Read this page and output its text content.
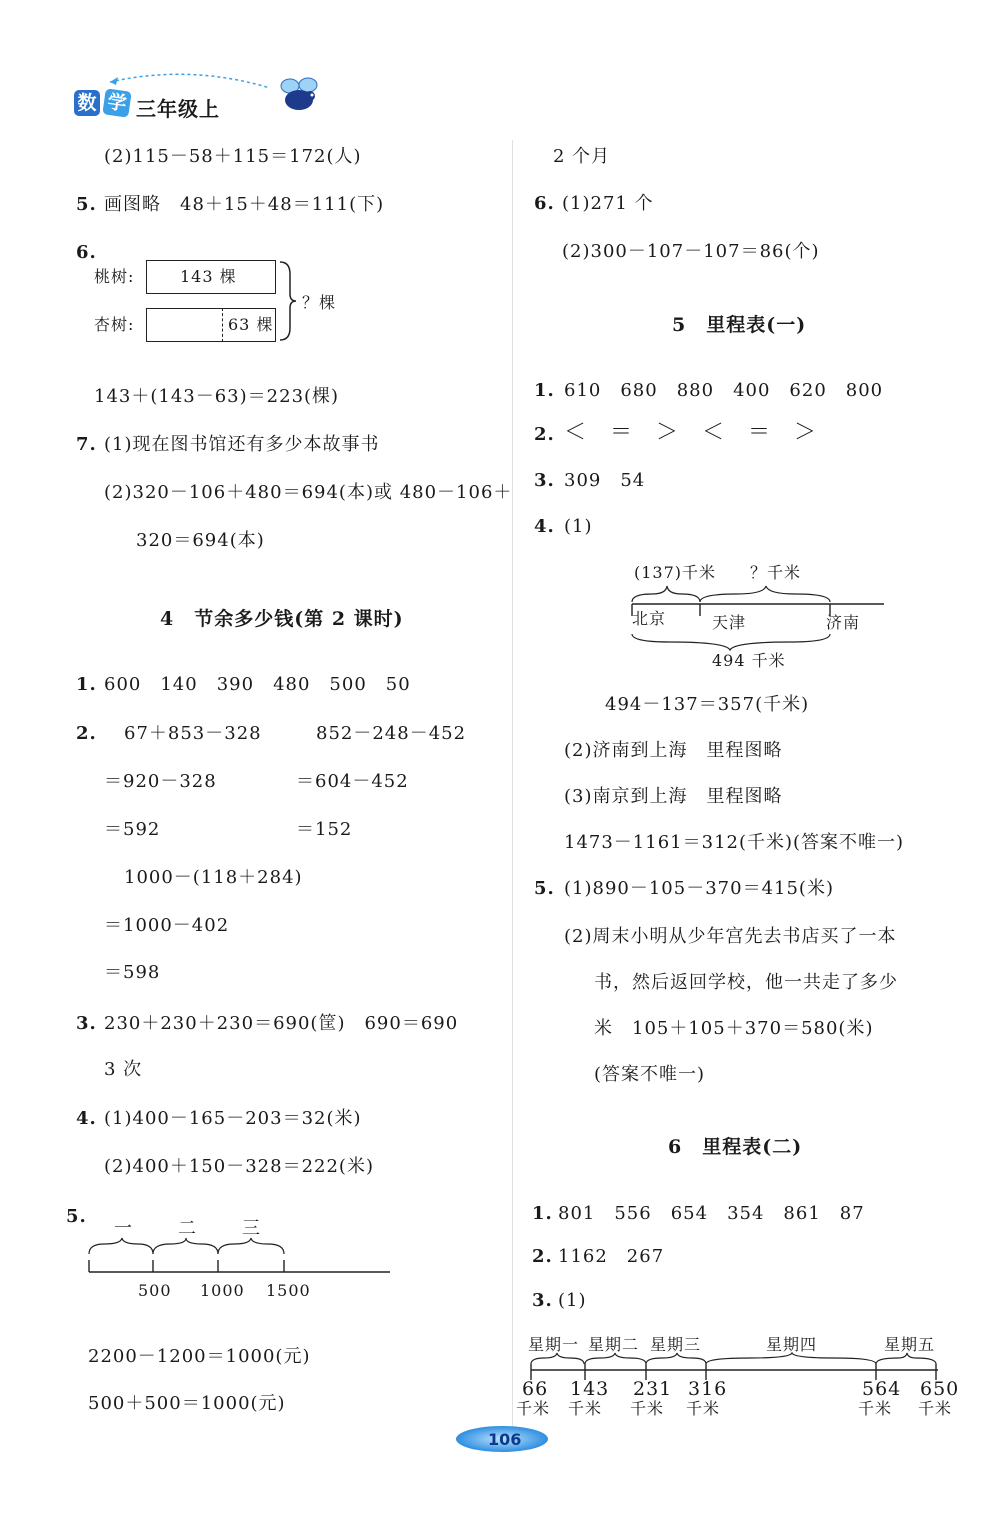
数 学 三年级上
(2)115－58＋115＝172(人)
5. 画图略　48＋15＋48＝111(下)
6.
桃树:	143 棵
杏树:	63 棵
？棵
143＋(143－63)＝223(棵)
7. (1)现在图书馆还有多少本故事书
(2)320－106＋480＝694(本)或 480－106＋
320＝694(本)
4　节余多少钱(第 2 课时)
1. 600　140　390　480　500　50
2. 67＋853－328	852－248－452
＝920－328	＝604－452
＝592	＝152
1000－(118＋284)
＝1000－402
＝598
3. 230＋230＋230＝690(筐)　690＝690
3 次
4. (1)400－165－203＝32(米)
(2)400＋150－328＝222(米)
5.
一	二	三
500 1000 1500
2200－1200＝1000(元)
500＋500＝1000(元)
2 个月
6. (1)271 个
(2)300－107－107＝86(个)
5　里程表(一)
1. 610　680　880　400　620　800
2. ＜　＝　＞　＜　＝　＞
3. 309　54
4. (1)
(137)千米 ？千米
北京	天津	济南
494 千米
494－137＝357(千米)
(2)济南到上海　里程图略
(3)南京到上海　里程图略
1473－1161＝312(千米)(答案不唯一)
5. (1)890－105－370＝415(米)
(2)周末小明从少年宫先去书店买了一本
书，然后返回学校，他一共走了多少
米　105＋105＋370＝580(米)
(答案不唯一)
6　里程表(二)
1. 801　556　654　354　861　87
2. 1162　267
3. (1)
星期一 星期二 星期三	星期四	星期五
66 143 231 316	564 650
千米 千米 千米 千米	千米 千米
106
